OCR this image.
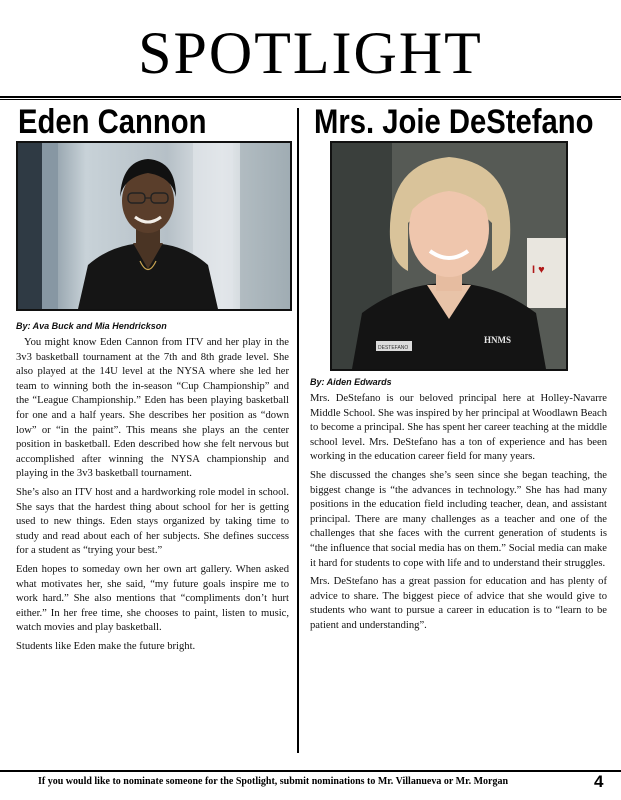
SPOTLIGHT
Eden Cannon
By: Ava Buck and Mia Hendrickson

You might know Eden Cannon from ITV and her play in the 3v3 basketball tournament at the 7th and 8th grade level. She also played at the 14U level at the NYSA where she led her team to winning both the in-season “Cup Championship” and the “League Championship.” Eden has been playing basketball for one and a half years. She describes her position as “down low” or “in the paint”. This means she plays an the center position in basketball. Eden described how she felt nervous but accomplished after winning the NYSA championship and playing in the 3v3 basketball tournament.

She’s also an ITV host and a hardworking role model in school. She says that the hardest thing about school for her is getting used to new things. Eden stays organized by taking time to study and read about each of her subjects. She defines success for a student as “trying your best.”

Eden hopes to someday own her own art gallery. When asked what motivates her, she said, “my future goals inspire me to work hard.” She also mentions that “compliments don’t hurt either.” In her free time, she chooses to paint, listen to music, watch movies and play basketball.

Students like Eden make the future bright.

Mrs. Joie DeStefano
I ♥
DESTEFANO
HNMS
By: Aiden Edwards

Mrs. DeStefano is our beloved principal here at Holley-Navarre Middle School. She was inspired by her principal at Woodlawn Beach to become a principal. She has spent her career teaching at the middle school level. Mrs. DeStefano has a ton of experience and has been working in the education career field for many years.

She discussed the changes she’s seen since she began teaching, the biggest change is “the advances in technology.” She has had many positions in the education field including teacher, dean, and assistant principal. There are many challenges as a teacher and one of the challenges that she faces with the current generation of students is “the influence that social media has on them.” Social media can make it hard for students to cope with life and to understand their struggles.

Mrs. DeStefano has a great passion for education and has plenty of advice to share. The biggest piece of advice that she would give to students who want to pursue a career in education is to “learn to be patient and understanding”.

If you would like to nominate someone for the Spotlight, submit nominations to Mr. Villanueva or Mr. Morgan	4
